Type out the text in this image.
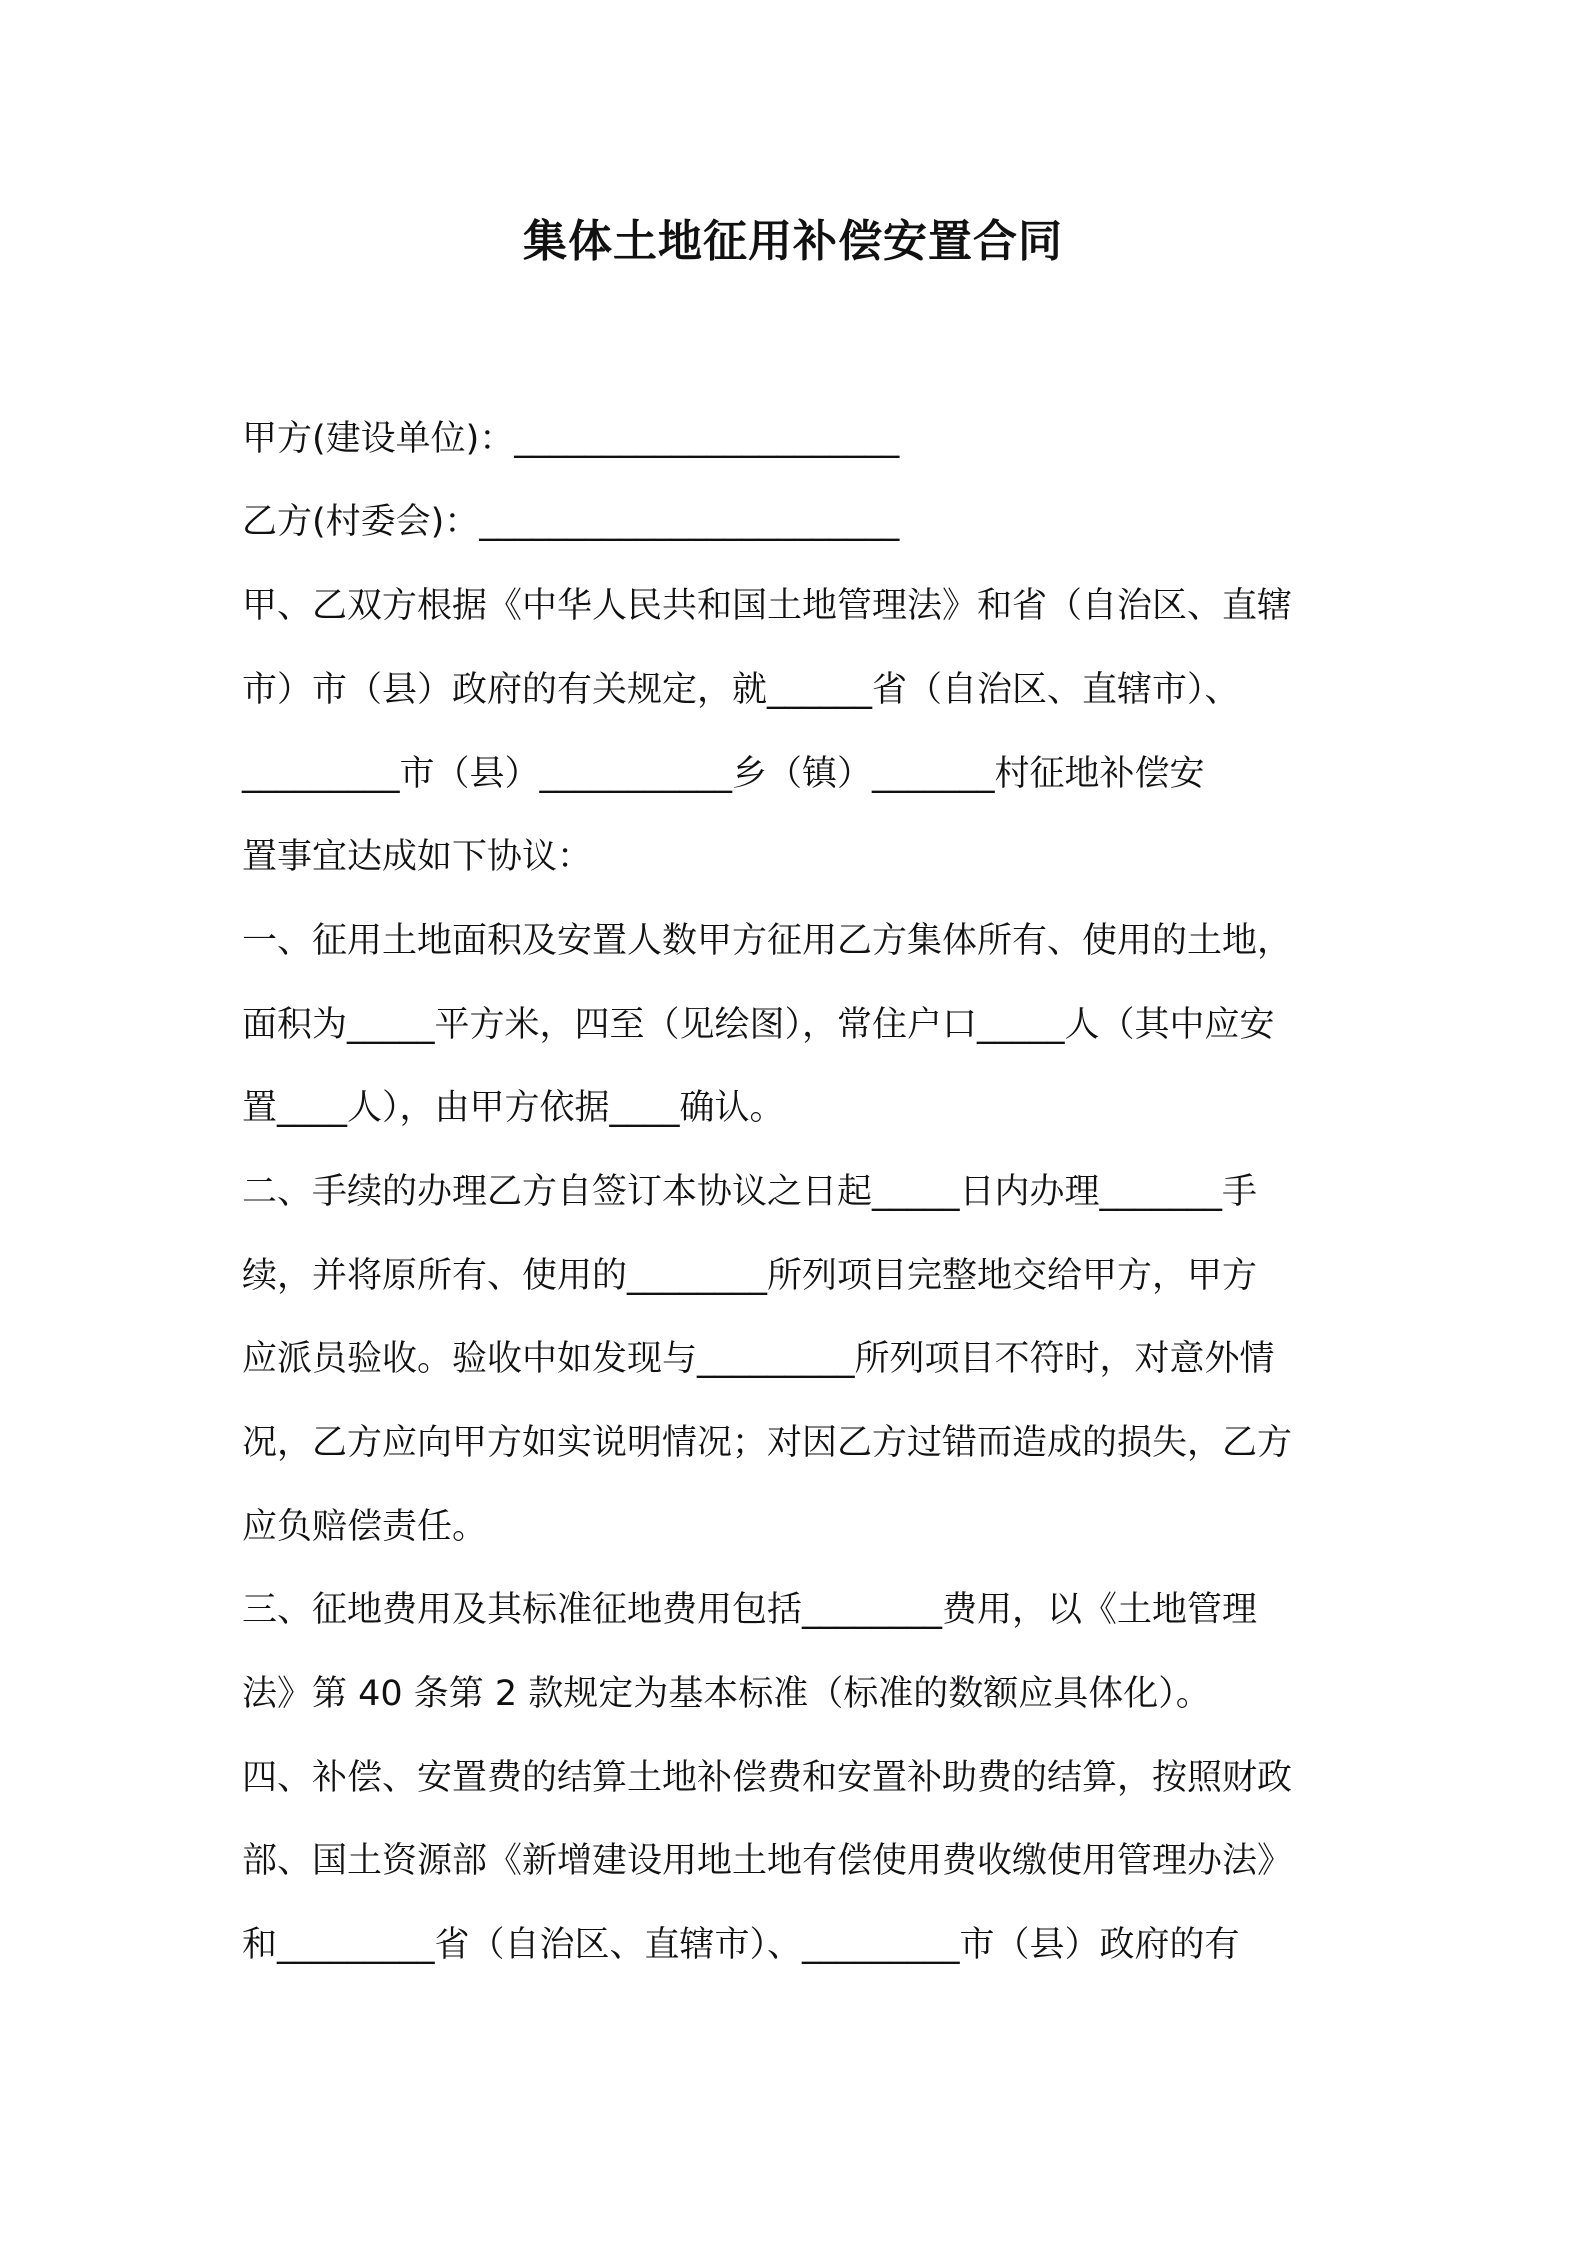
集体土地征用补偿安置合同

甲方(建设单位)：______________________

乙方(村委会)：________________________

甲、乙双方根据《中华人民共和国土地管理法》和省（自治区、直辖

市）市（县）政府的有关规定，就______省（自治区、直辖市）、

_________市（县）___________乡（镇）_______村征地补偿安

置事宜达成如下协议：

一、征用土地面积及安置人数甲方征用乙方集体所有、使用的土地，

面积为_____平方米，四至（见绘图），常住户口_____人（其中应安

置____人），由甲方依据____确认。

二、手续的办理乙方自签订本协议之日起_____日内办理_______手

续，并将原所有、使用的________所列项目完整地交给甲方，甲方

应派员验收。验收中如发现与_________所列项目不符时，对意外情

况，乙方应向甲方如实说明情况；对因乙方过错而造成的损失，乙方

应负赔偿责任。

三、征地费用及其标准征地费用包括________费用，以《土地管理

法》第 40 条第 2 款规定为基本标准（标准的数额应具体化）。

四、补偿、安置费的结算土地补偿费和安置补助费的结算，按照财政

部、国土资源部《新增建设用地土地有偿使用费收缴使用管理办法》

和_________省（自治区、直辖市）、_________市（县）政府的有
